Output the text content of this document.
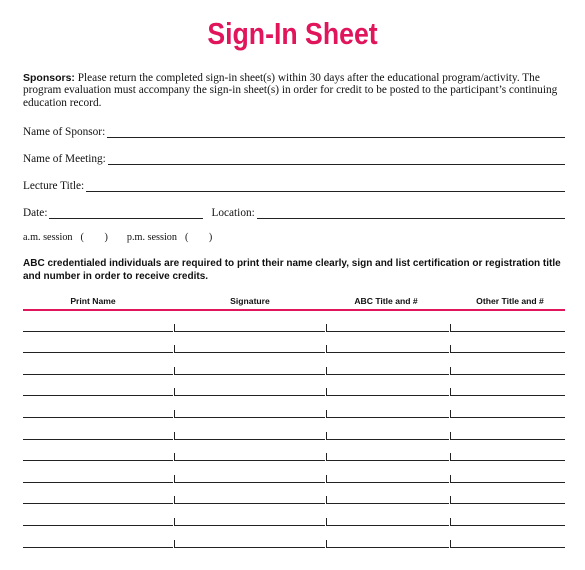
Sign-In Sheet
Sponsors: Please return the completed sign-in sheet(s) within 30 days after the educational program/activity. The program evaluation must accompany the sign-in sheet(s) in order for credit to be posted to the participant’s continuing education record.
Name of Sponsor:
Name of Meeting:
Lecture Title:
Date:	Location:
a.m. session ( ) p.m. session ( )
ABC credentialed individuals are required to print their name clearly, sign and list certification or registration title and number in order to receive credits.
Print Name	Signature	ABC Title and #	Other Title and #
